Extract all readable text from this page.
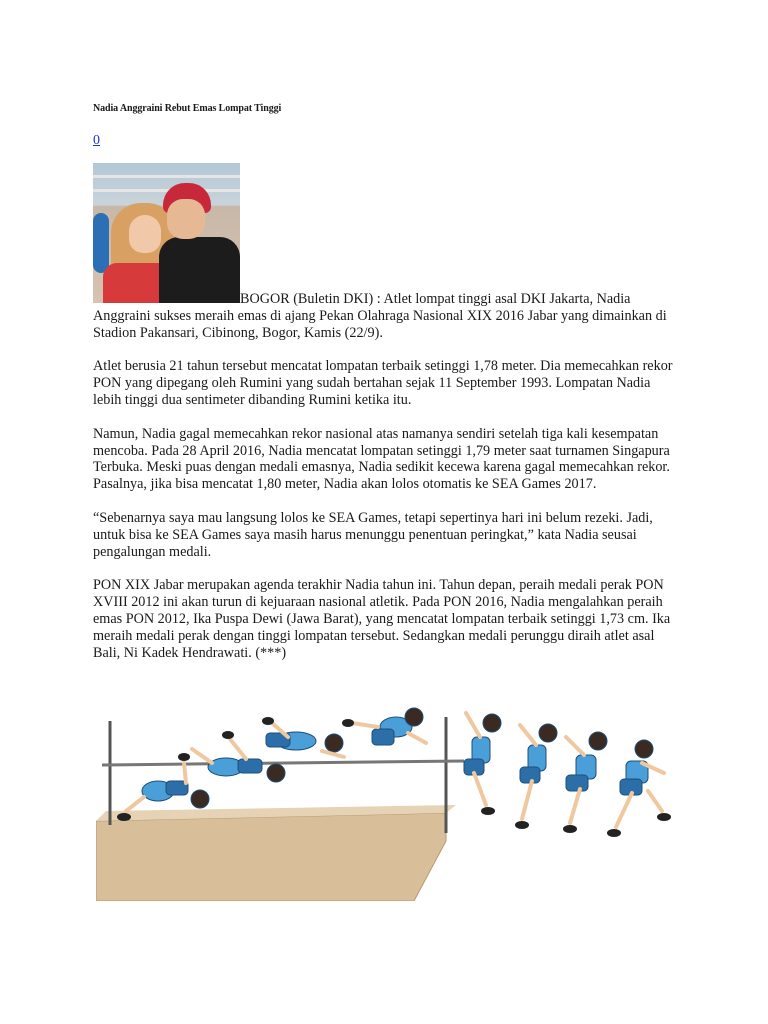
Nadia Anggraini Rebut Emas Lompat Tinggi
0

BOGOR (Buletin DKI) : Atlet lompat tinggi asal DKI Jakarta, Nadia Anggraini sukses meraih emas di ajang Pekan Olahraga Nasional XIX 2016 Jabar yang dimainkan di Stadion Pakansari, Cibinong, Bogor, Kamis (22/9).

Atlet berusia 21 tahun tersebut mencatat lompatan terbaik setinggi 1,78 meter. Dia memecahkan rekor PON yang dipegang oleh Rumini yang sudah bertahan sejak 11 September 1993. Lompatan Nadia lebih tinggi dua sentimeter dibanding Rumini ketika itu.

Namun, Nadia gagal memecahkan rekor nasional atas namanya sendiri setelah tiga kali kesempatan mencoba. Pada 28 April 2016, Nadia mencatat lompatan setinggi 1,79 meter saat turnamen Singapura Terbuka. Meski puas dengan medali emasnya, Nadia sedikit kecewa karena gagal memecahkan rekor. Pasalnya, jika bisa mencatat 1,80 meter, Nadia akan lolos otomatis ke SEA Games 2017.

“Sebenarnya saya mau langsung lolos ke SEA Games, tetapi sepertinya hari ini belum rezeki. Jadi, untuk bisa ke SEA Games saya masih harus menunggu penentuan peringkat,” kata Nadia seusai pengalungan medali.

PON XIX Jabar merupakan agenda terakhir Nadia tahun ini. Tahun depan, peraih medali perak PON XVIII 2012 ini akan turun di kejuaraan nasional atletik. Pada PON 2016, Nadia mengalahkan peraih emas PON 2012, Ika Puspa Dewi (Jawa Barat), yang mencatat lompatan terbaik setinggi 1,73 cm. Ika meraih medali perak dengan tinggi lompatan tersebut. Sedangkan medali perunggu diraih atlet asal Bali, Ni Kadek Hendrawati. (***)
